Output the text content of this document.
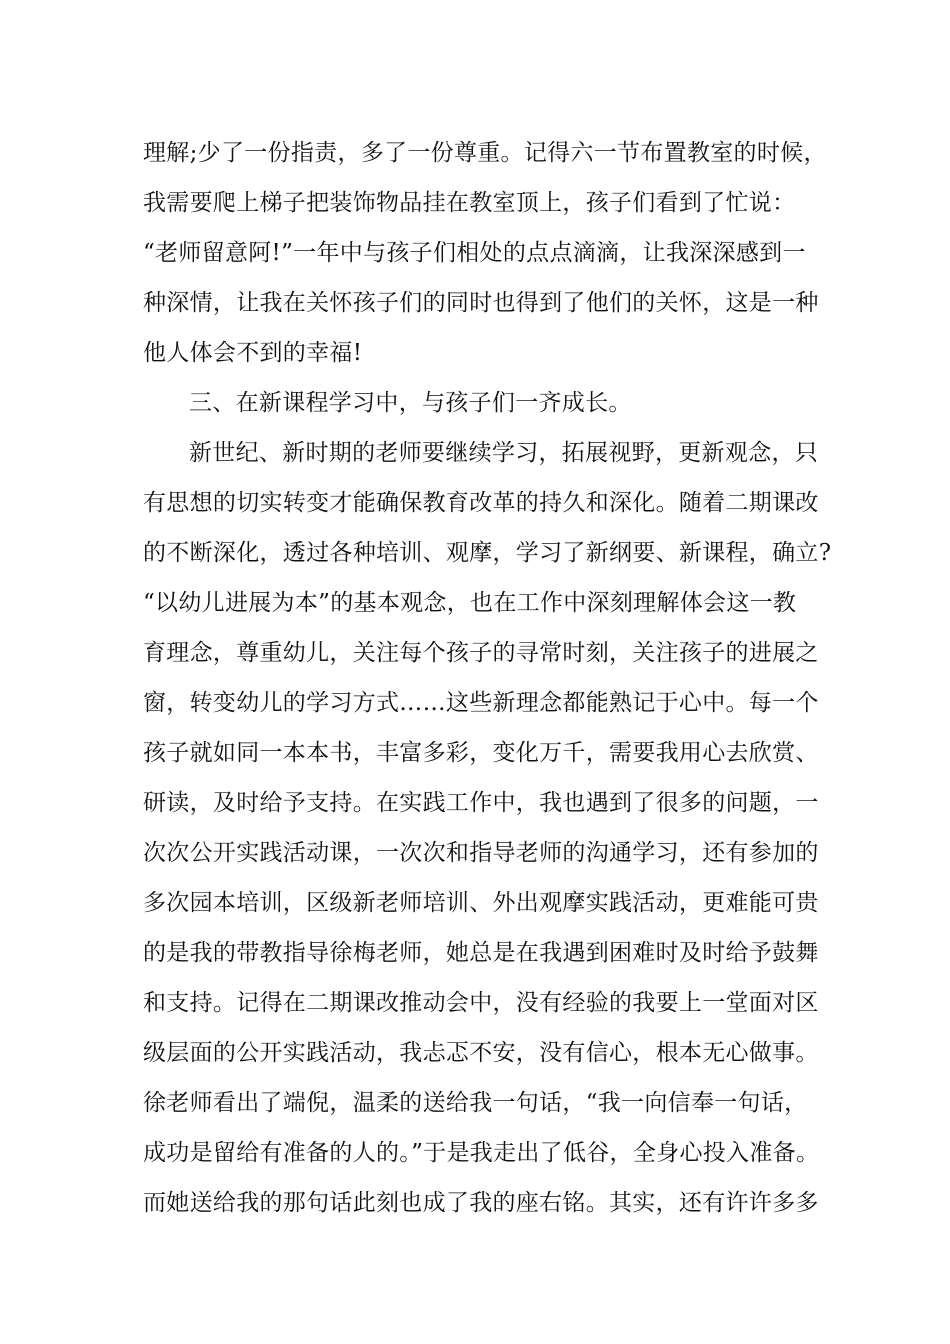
理解;少了一份指责，多了一份尊重。记得六一节布置教室的时候，
我需要爬上梯子把装饰物品挂在教室顶上，孩子们看到了忙说：
“老师留意阿!”一年中与孩子们相处的点点滴滴，让我深深感到一
种深情，让我在关怀孩子们的同时也得到了他们的关怀，这是一种
他人体会不到的幸福!
三、在新课程学习中，与孩子们一齐成长。
新世纪、新时期的老师要继续学习，拓展视野，更新观念，只
有思想的切实转变才能确保教育改革的持久和深化。随着二期课改
的不断深化，透过各种培训、观摩，学习了新纲要、新课程，确立?
“以幼儿进展为本”的基本观念，也在工作中深刻理解体会这一教
育理念，尊重幼儿，关注每个孩子的寻常时刻，关注孩子的进展之
窗，转变幼儿的学习方式……这些新理念都能熟记于心中。每一个
孩子就如同一本本书，丰富多彩，变化万千，需要我用心去欣赏、
研读，及时给予支持。在实践工作中，我也遇到了很多的问题，一
次次公开实践活动课，一次次和指导老师的沟通学习，还有参加的
多次园本培训，区级新老师培训、外出观摩实践活动，更难能可贵
的是我的带教指导徐梅老师，她总是在我遇到困难时及时给予鼓舞
和支持。记得在二期课改推动会中，没有经验的我要上一堂面对区
级层面的公开实践活动，我忐忑不安，没有信心，根本无心做事。
徐老师看出了端倪，温柔的送给我一句话，“我一向信奉一句话，
成功是留给有准备的人的。”于是我走出了低谷，全身心投入准备。
而她送给我的那句话此刻也成了我的座右铭。其实，还有许许多多
